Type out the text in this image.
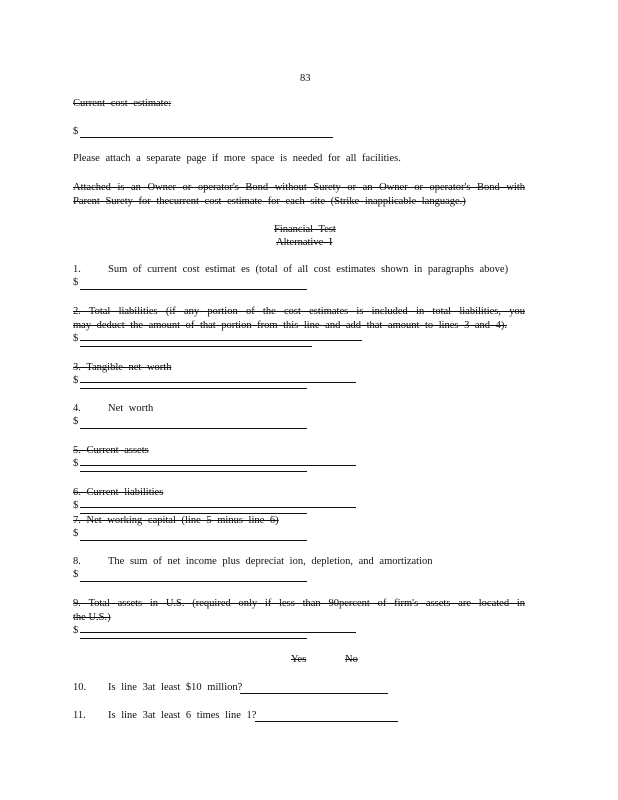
83
Current cost estimate:
$
Please attach a separate page if more space is needed for all facilities.
Attached is an Owner or operator's Bond without Surety or an Owner or operator's Bond with
Parent Surety for thecurrent cost estimate for each site (Strike inapplicable language.)
Financial Test
Alternative I
1.	Sum of current cost estimat es (total of all cost estimates shown in paragraphs above)
$
2. Total liabilities (if any portion of the cost estimates is included in total liabilities, you
may deduct the amount of that portion from this line and add that amount to lines 3 and 4).
$
3. Tangible net worth
$
4.	Net worth
$
5. Current assets
$
6. Current liabilities
$
7. Net working capital (line 5 minus line 6)
$
8.	The sum of net income plus depreciat ion, depletion, and amortization
$
9. Total assets in U.S. (required only if less than 90percent of firm's assets are located in
the U.S.)
$
Yes	No
10. Is line 3at least $10 million?
11. Is line 3at least 6 times line 1?
